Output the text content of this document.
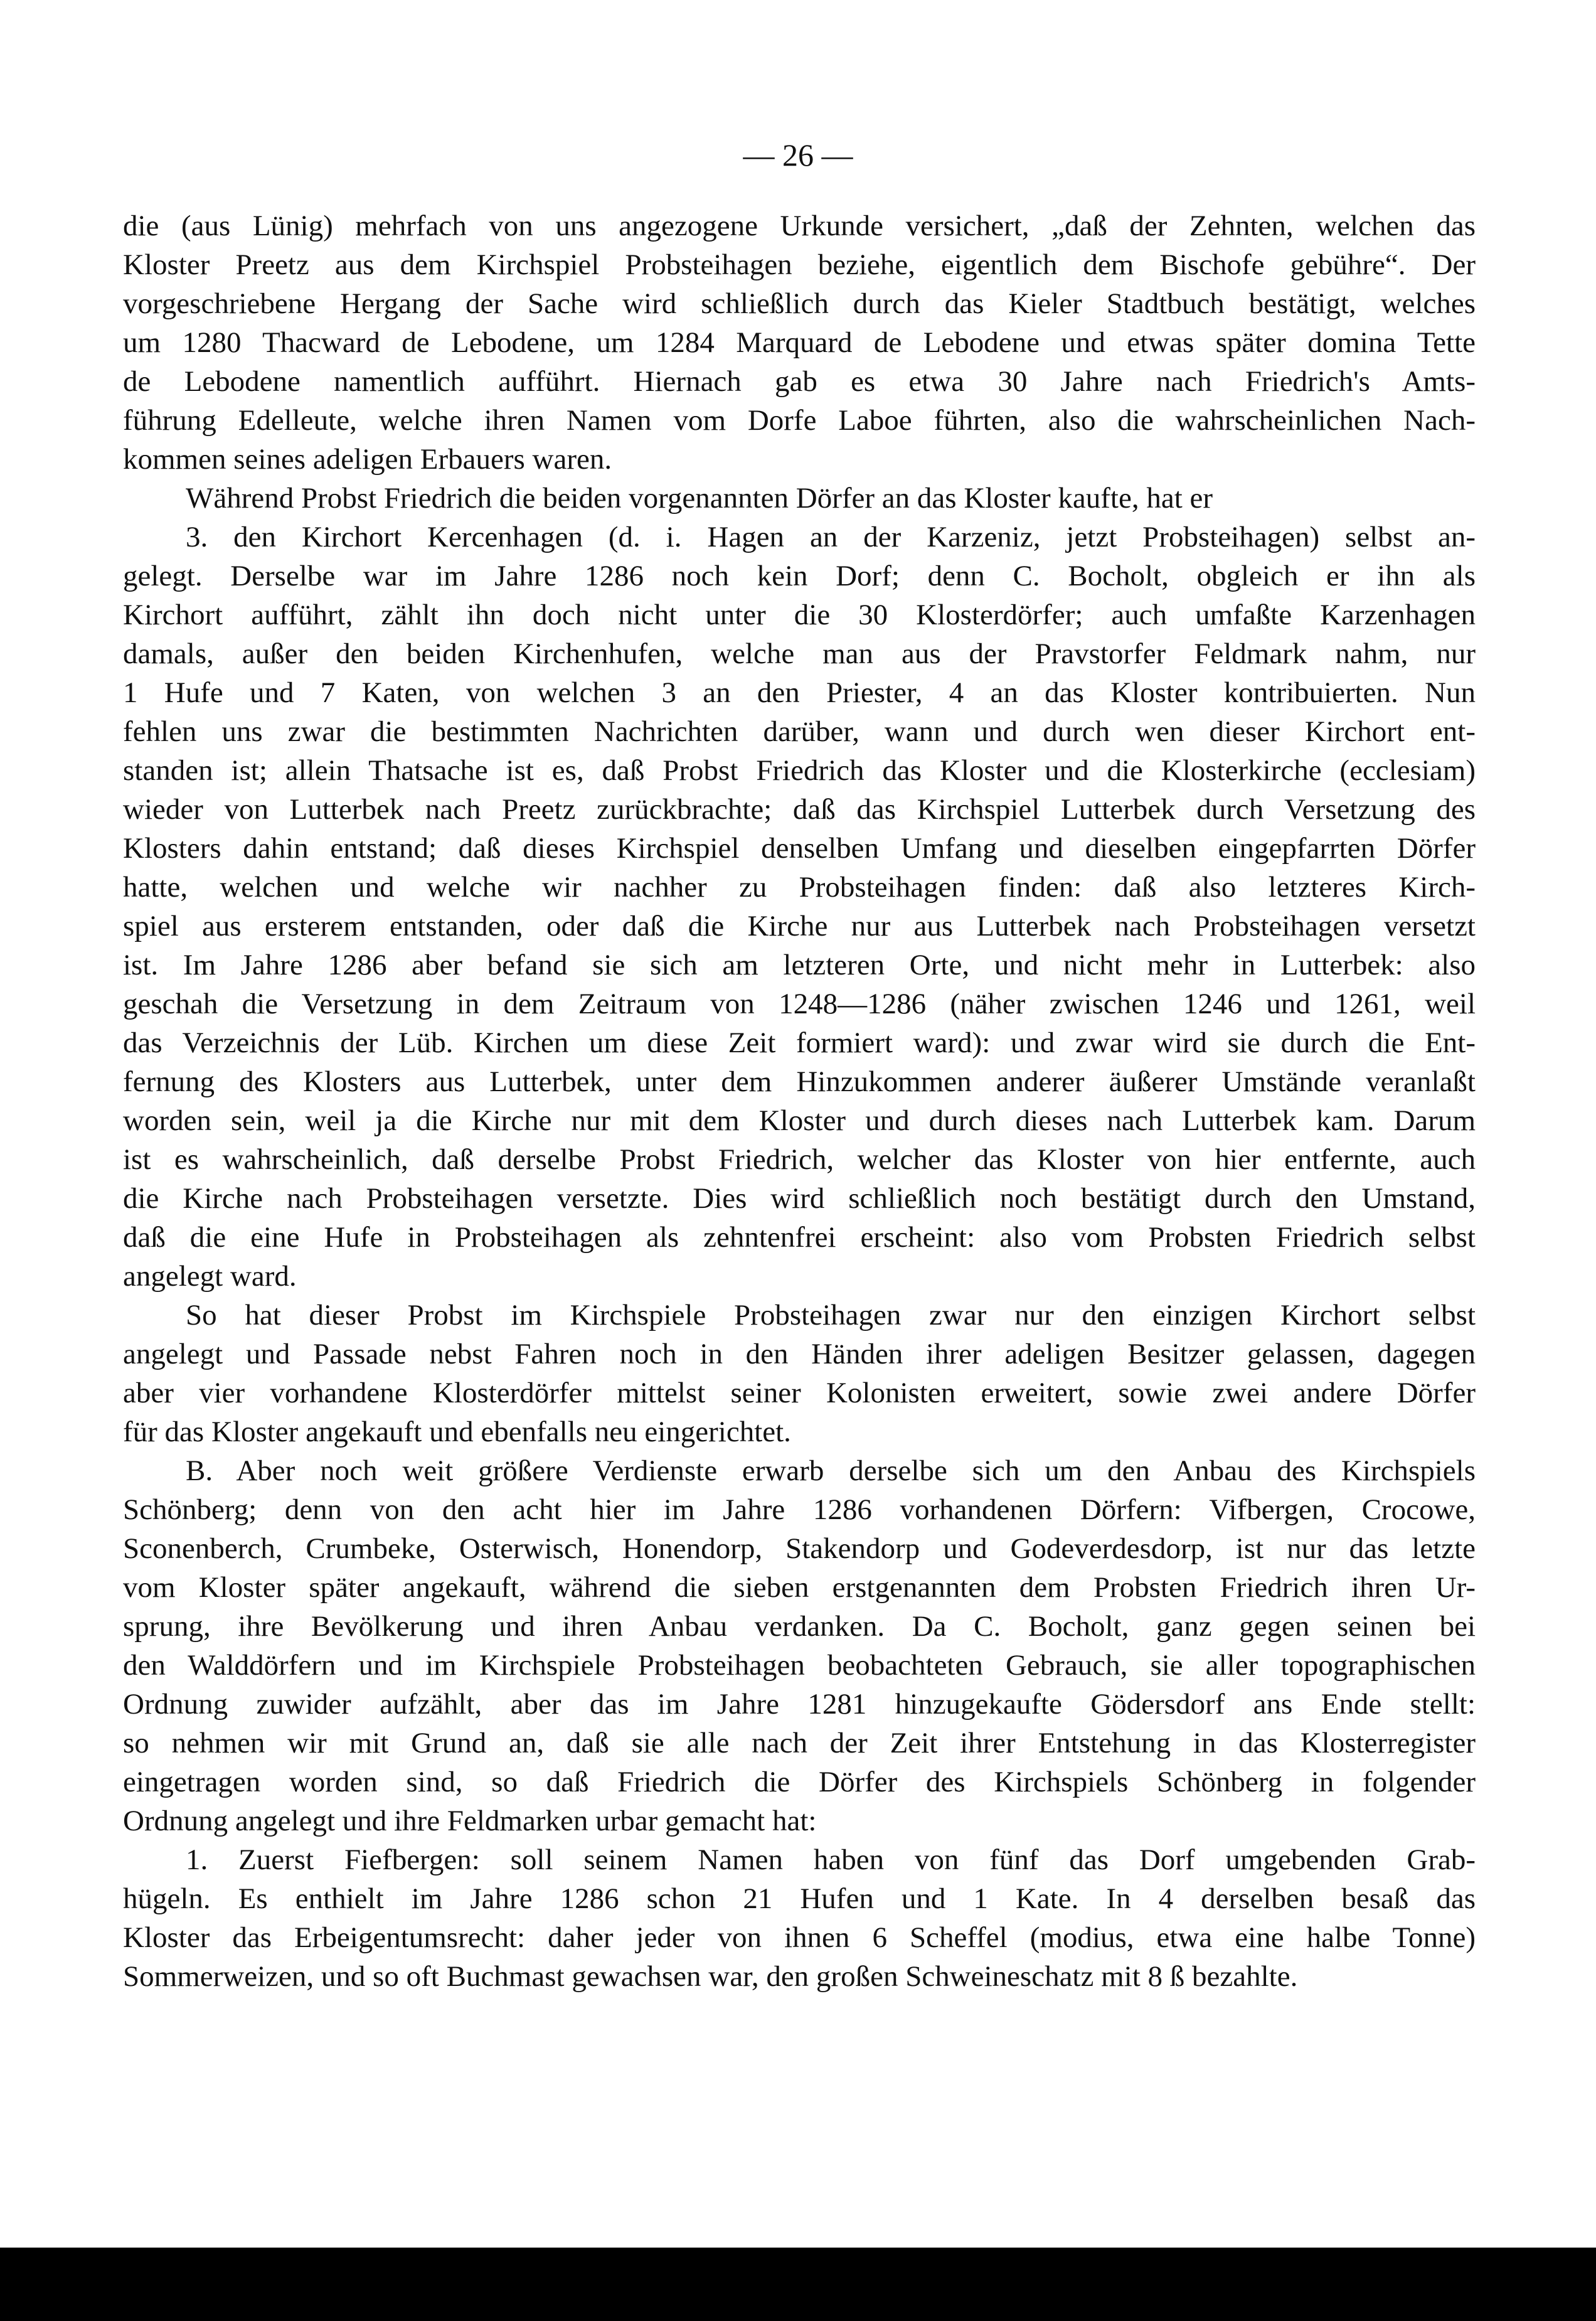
— 26 —
die (aus Lünig) mehrfach von uns angezogene Urkunde versichert, „daß der Zehnten, welchen das
Kloster Preetz aus dem Kirchspiel Probsteihagen beziehe, eigentlich dem Bischofe gebühre“. Der
vorgeschriebene Hergang der Sache wird schließlich durch das Kieler Stadtbuch bestätigt, welches
um 1280 Thacward de Lebodene, um 1284 Marquard de Lebodene und etwas später domina Tette
de Lebodene namentlich aufführt. Hiernach gab es etwa 30 Jahre nach Friedrich's Amts-
führung Edelleute, welche ihren Namen vom Dorfe Laboe führten, also die wahrscheinlichen Nach-
kommen seines adeligen Erbauers waren.
Während Probst Friedrich die beiden vorgenannten Dörfer an das Kloster kaufte, hat er
3. den Kirchort Kercenhagen (d. i. Hagen an der Karzeniz, jetzt Probsteihagen) selbst an-
gelegt. Derselbe war im Jahre 1286 noch kein Dorf; denn C. Bocholt, obgleich er ihn als
Kirchort aufführt, zählt ihn doch nicht unter die 30 Klosterdörfer; auch umfaßte Karzenhagen
damals, außer den beiden Kirchenhufen, welche man aus der Pravstorfer Feldmark nahm, nur
1 Hufe und 7 Katen, von welchen 3 an den Priester, 4 an das Kloster kontribuierten. Nun
fehlen uns zwar die bestimmten Nachrichten darüber, wann und durch wen dieser Kirchort ent-
standen ist; allein Thatsache ist es, daß Probst Friedrich das Kloster und die Klosterkirche (ecclesiam)
wieder von Lutterbek nach Preetz zurückbrachte; daß das Kirchspiel Lutterbek durch Versetzung des
Klosters dahin entstand; daß dieses Kirchspiel denselben Umfang und dieselben eingepfarrten Dörfer
hatte, welchen und welche wir nachher zu Probsteihagen finden: daß also letzteres Kirch-
spiel aus ersterem entstanden, oder daß die Kirche nur aus Lutterbek nach Probsteihagen versetzt
ist. Im Jahre 1286 aber befand sie sich am letzteren Orte, und nicht mehr in Lutterbek: also
geschah die Versetzung in dem Zeitraum von 1248—1286 (näher zwischen 1246 und 1261, weil
das Verzeichnis der Lüb. Kirchen um diese Zeit formiert ward): und zwar wird sie durch die Ent-
fernung des Klosters aus Lutterbek, unter dem Hinzukommen anderer äußerer Umstände veranlaßt
worden sein, weil ja die Kirche nur mit dem Kloster und durch dieses nach Lutterbek kam. Darum
ist es wahrscheinlich, daß derselbe Probst Friedrich, welcher das Kloster von hier entfernte, auch
die Kirche nach Probsteihagen versetzte. Dies wird schließlich noch bestätigt durch den Umstand,
daß die eine Hufe in Probsteihagen als zehntenfrei erscheint: also vom Probsten Friedrich selbst
angelegt ward.
So hat dieser Probst im Kirchspiele Probsteihagen zwar nur den einzigen Kirchort selbst
angelegt und Passade nebst Fahren noch in den Händen ihrer adeligen Besitzer gelassen, dagegen
aber vier vorhandene Klosterdörfer mittelst seiner Kolonisten erweitert, sowie zwei andere Dörfer
für das Kloster angekauft und ebenfalls neu eingerichtet.
B. Aber noch weit größere Verdienste erwarb derselbe sich um den Anbau des Kirchspiels
Schönberg; denn von den acht hier im Jahre 1286 vorhandenen Dörfern: Vifbergen, Crocowe,
Sconenberch, Crumbeke, Osterwisch, Honendorp, Stakendorp und Godeverdesdorp, ist nur das letzte
vom Kloster später angekauft, während die sieben erstgenannten dem Probsten Friedrich ihren Ur-
sprung, ihre Bevölkerung und ihren Anbau verdanken. Da C. Bocholt, ganz gegen seinen bei
den Walddörfern und im Kirchspiele Probsteihagen beobachteten Gebrauch, sie aller topographischen
Ordnung zuwider aufzählt, aber das im Jahre 1281 hinzugekaufte Gödersdorf ans Ende stellt:
so nehmen wir mit Grund an, daß sie alle nach der Zeit ihrer Entstehung in das Klosterregister
eingetragen worden sind, so daß Friedrich die Dörfer des Kirchspiels Schönberg in folgender
Ordnung angelegt und ihre Feldmarken urbar gemacht hat:
1. Zuerst Fiefbergen: soll seinem Namen haben von fünf das Dorf umgebenden Grab-
hügeln. Es enthielt im Jahre 1286 schon 21 Hufen und 1 Kate. In 4 derselben besaß das
Kloster das Erbeigentumsrecht: daher jeder von ihnen 6 Scheffel (modius, etwa eine halbe Tonne)
Sommerweizen, und so oft Buchmast gewachsen war, den großen Schweineschatz mit 8 ß bezahlte.
